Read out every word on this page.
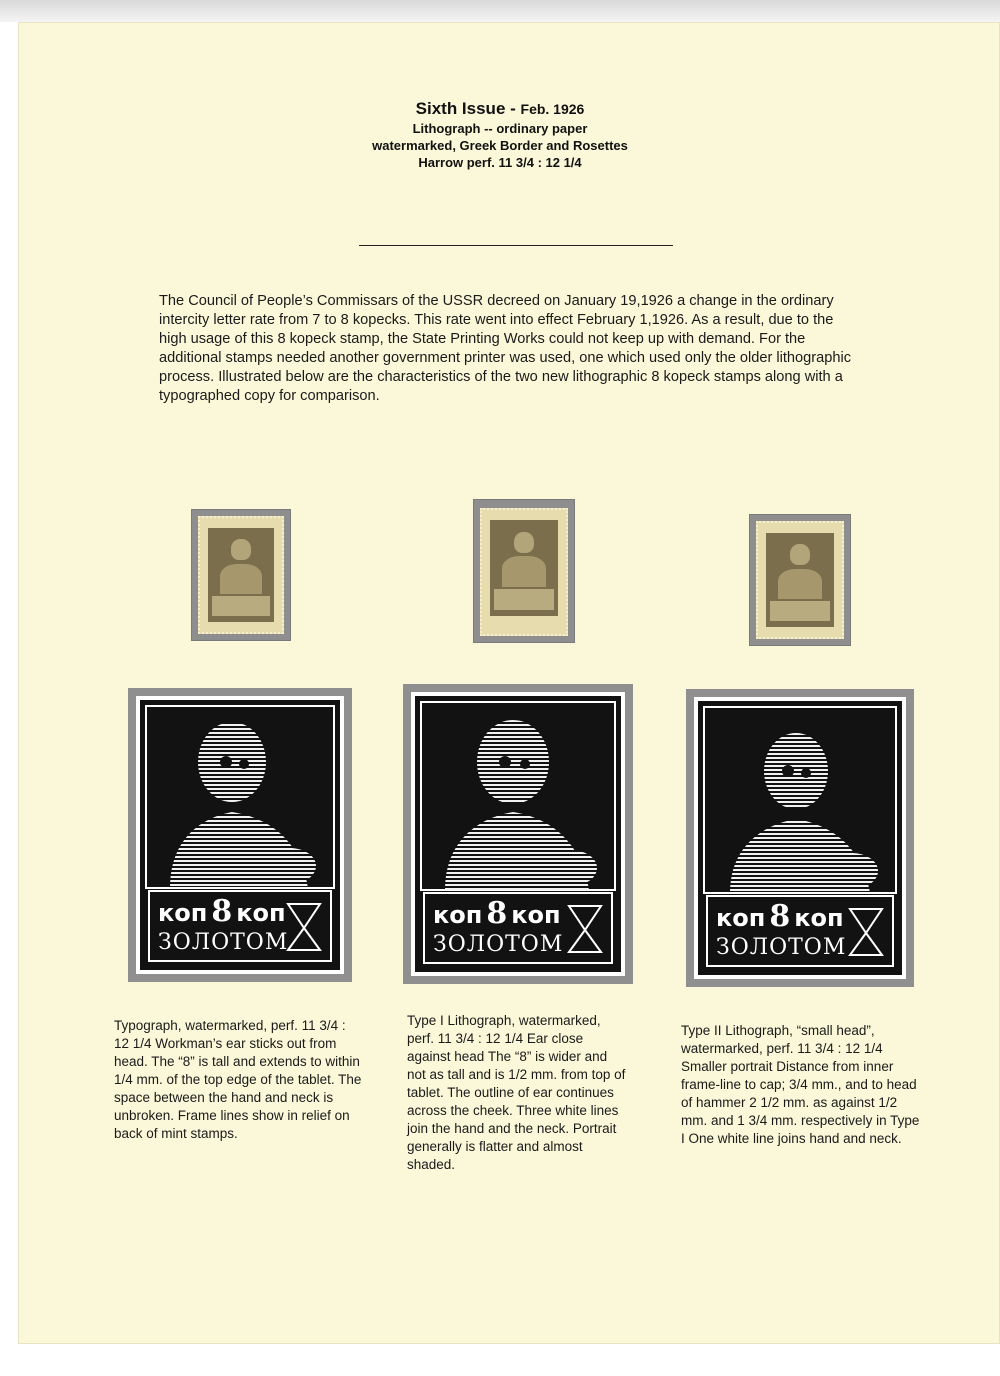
Sixth Issue - Feb. 1926
Lithograph -- ordinary paper
watermarked, Greek Border and Rosettes
Harrow perf. 11 3/4 : 12 1/4
The Council of People’s Commissars of the USSR decreed on January 19,1926 a change in the ordinary intercity letter rate from 7 to 8 kopecks. This rate went into effect February 1,1926. As a result, due to the high usage of this 8 kopeck stamp, the State Printing Works could not keep up with demand. For the additional stamps needed another government printer was used, one which used only the older lithographic process. Illustrated below are the characteristics of the two new lithographic 8 kopeck stamps along with a typographed copy for comparison.
коп 8 коп
ЗОЛОТОМ
коп 8 коп
ЗОЛОТОМ
коп 8 коп
ЗОЛОТОМ
Typograph, watermarked, perf. 11 3/4 : 12 1/4 Workman’s ear sticks out from head. The “8” is tall and extends to within 1/4 mm. of the top edge of the tablet. The space between the hand and neck is unbroken. Frame lines show in relief on back of mint stamps.
Type I Lithograph, watermarked, perf. 11 3/4 : 12 1/4 Ear close against head The “8” is wider and not as tall and is 1/2 mm. from top of tablet. The outline of ear continues across the cheek. Three white lines join the hand and the neck. Portrait generally is flatter and almost shaded.
Type II Lithograph, “small head”, watermarked, perf. 11 3/4 : 12 1/4 Smaller portrait Distance from inner frame-line to cap; 3/4 mm., and to head of hammer 2 1/2 mm. as against 1/2 mm. and 1 3/4 mm. respectively in Type I One white line joins hand and neck.
